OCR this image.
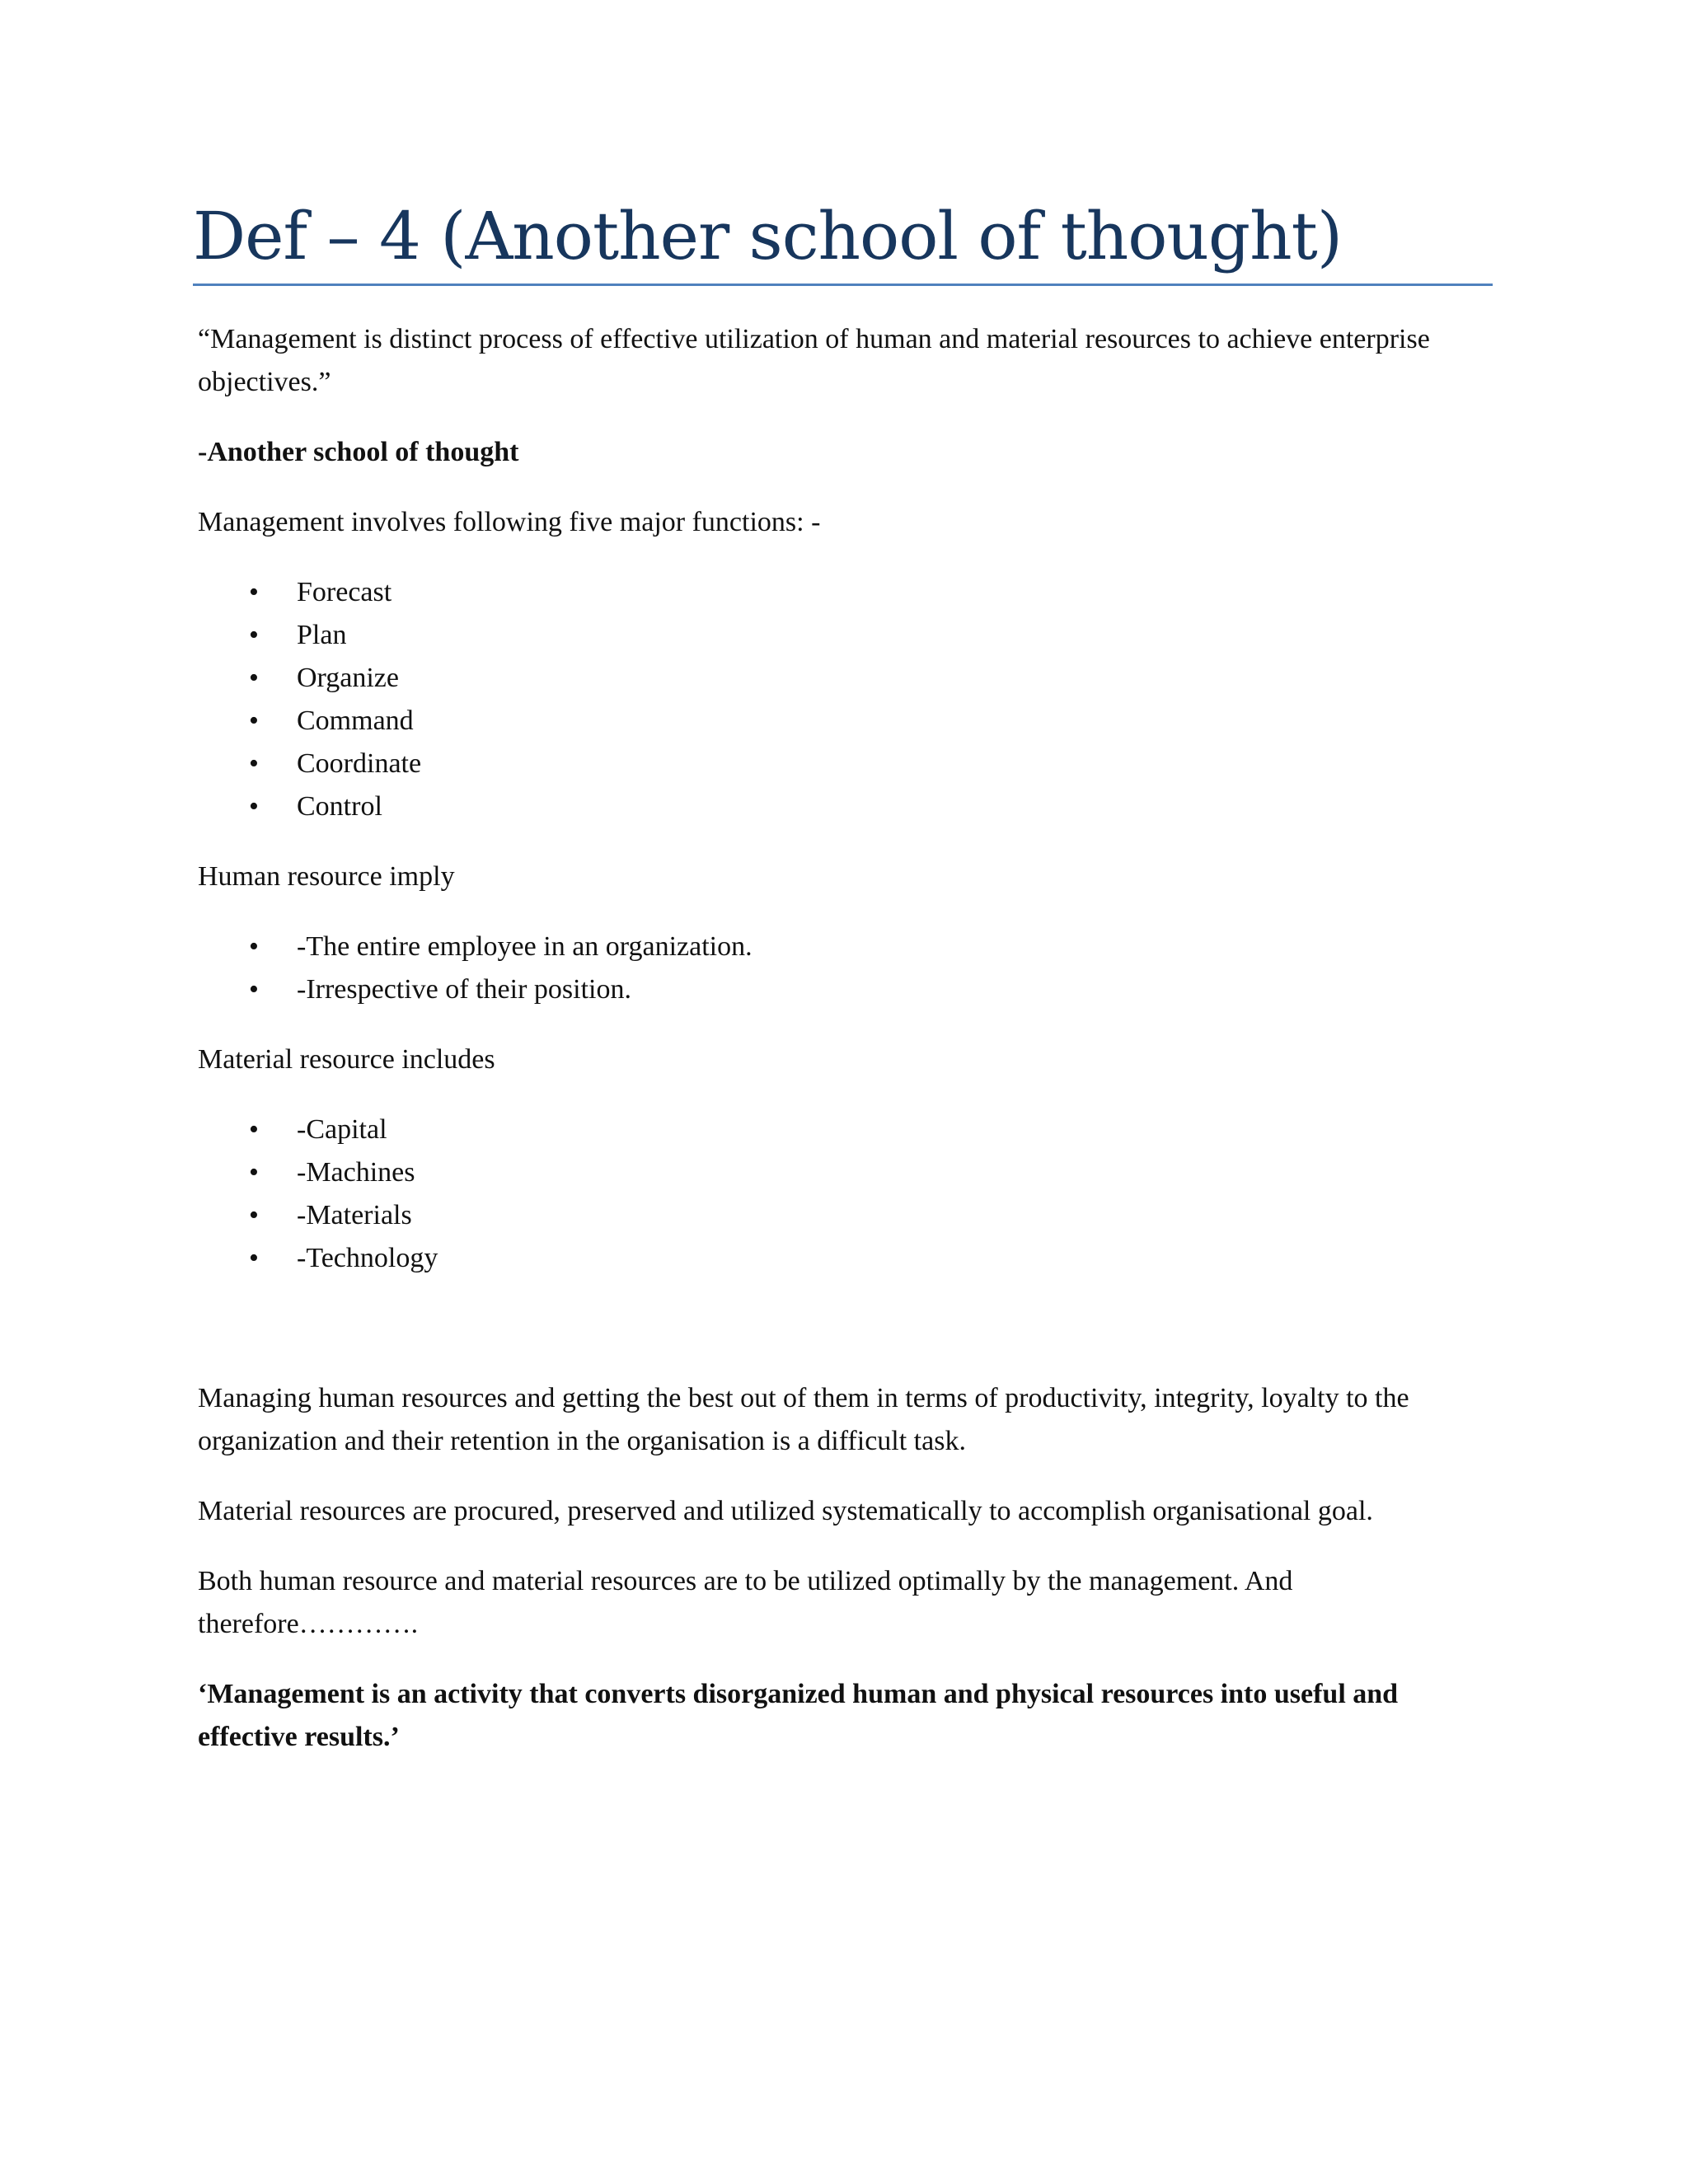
Def – 4 (Another school of thought)

“Management is distinct process of effective utilization of human and material resources to achieve enterprise objectives.”

-Another school of thought

Management involves following five major functions: -

• Forecast
• Plan
• Organize
• Command
• Coordinate
• Control

Human resource imply

• -The entire employee in an organization.
• -Irrespective of their position.

Material resource includes

• -Capital
• -Machines
• -Materials
• -Technology

Managing human resources and getting the best out of them in terms of productivity, integrity, loyalty to the organization and their retention in the organisation is a difficult task.

Material resources are procured, preserved and utilized systematically to accomplish organisational goal.

Both human resource and material resources are to be utilized optimally by the management. And therefore………….

‘Management is an activity that converts disorganized human and physical resources into useful and effective results.’
